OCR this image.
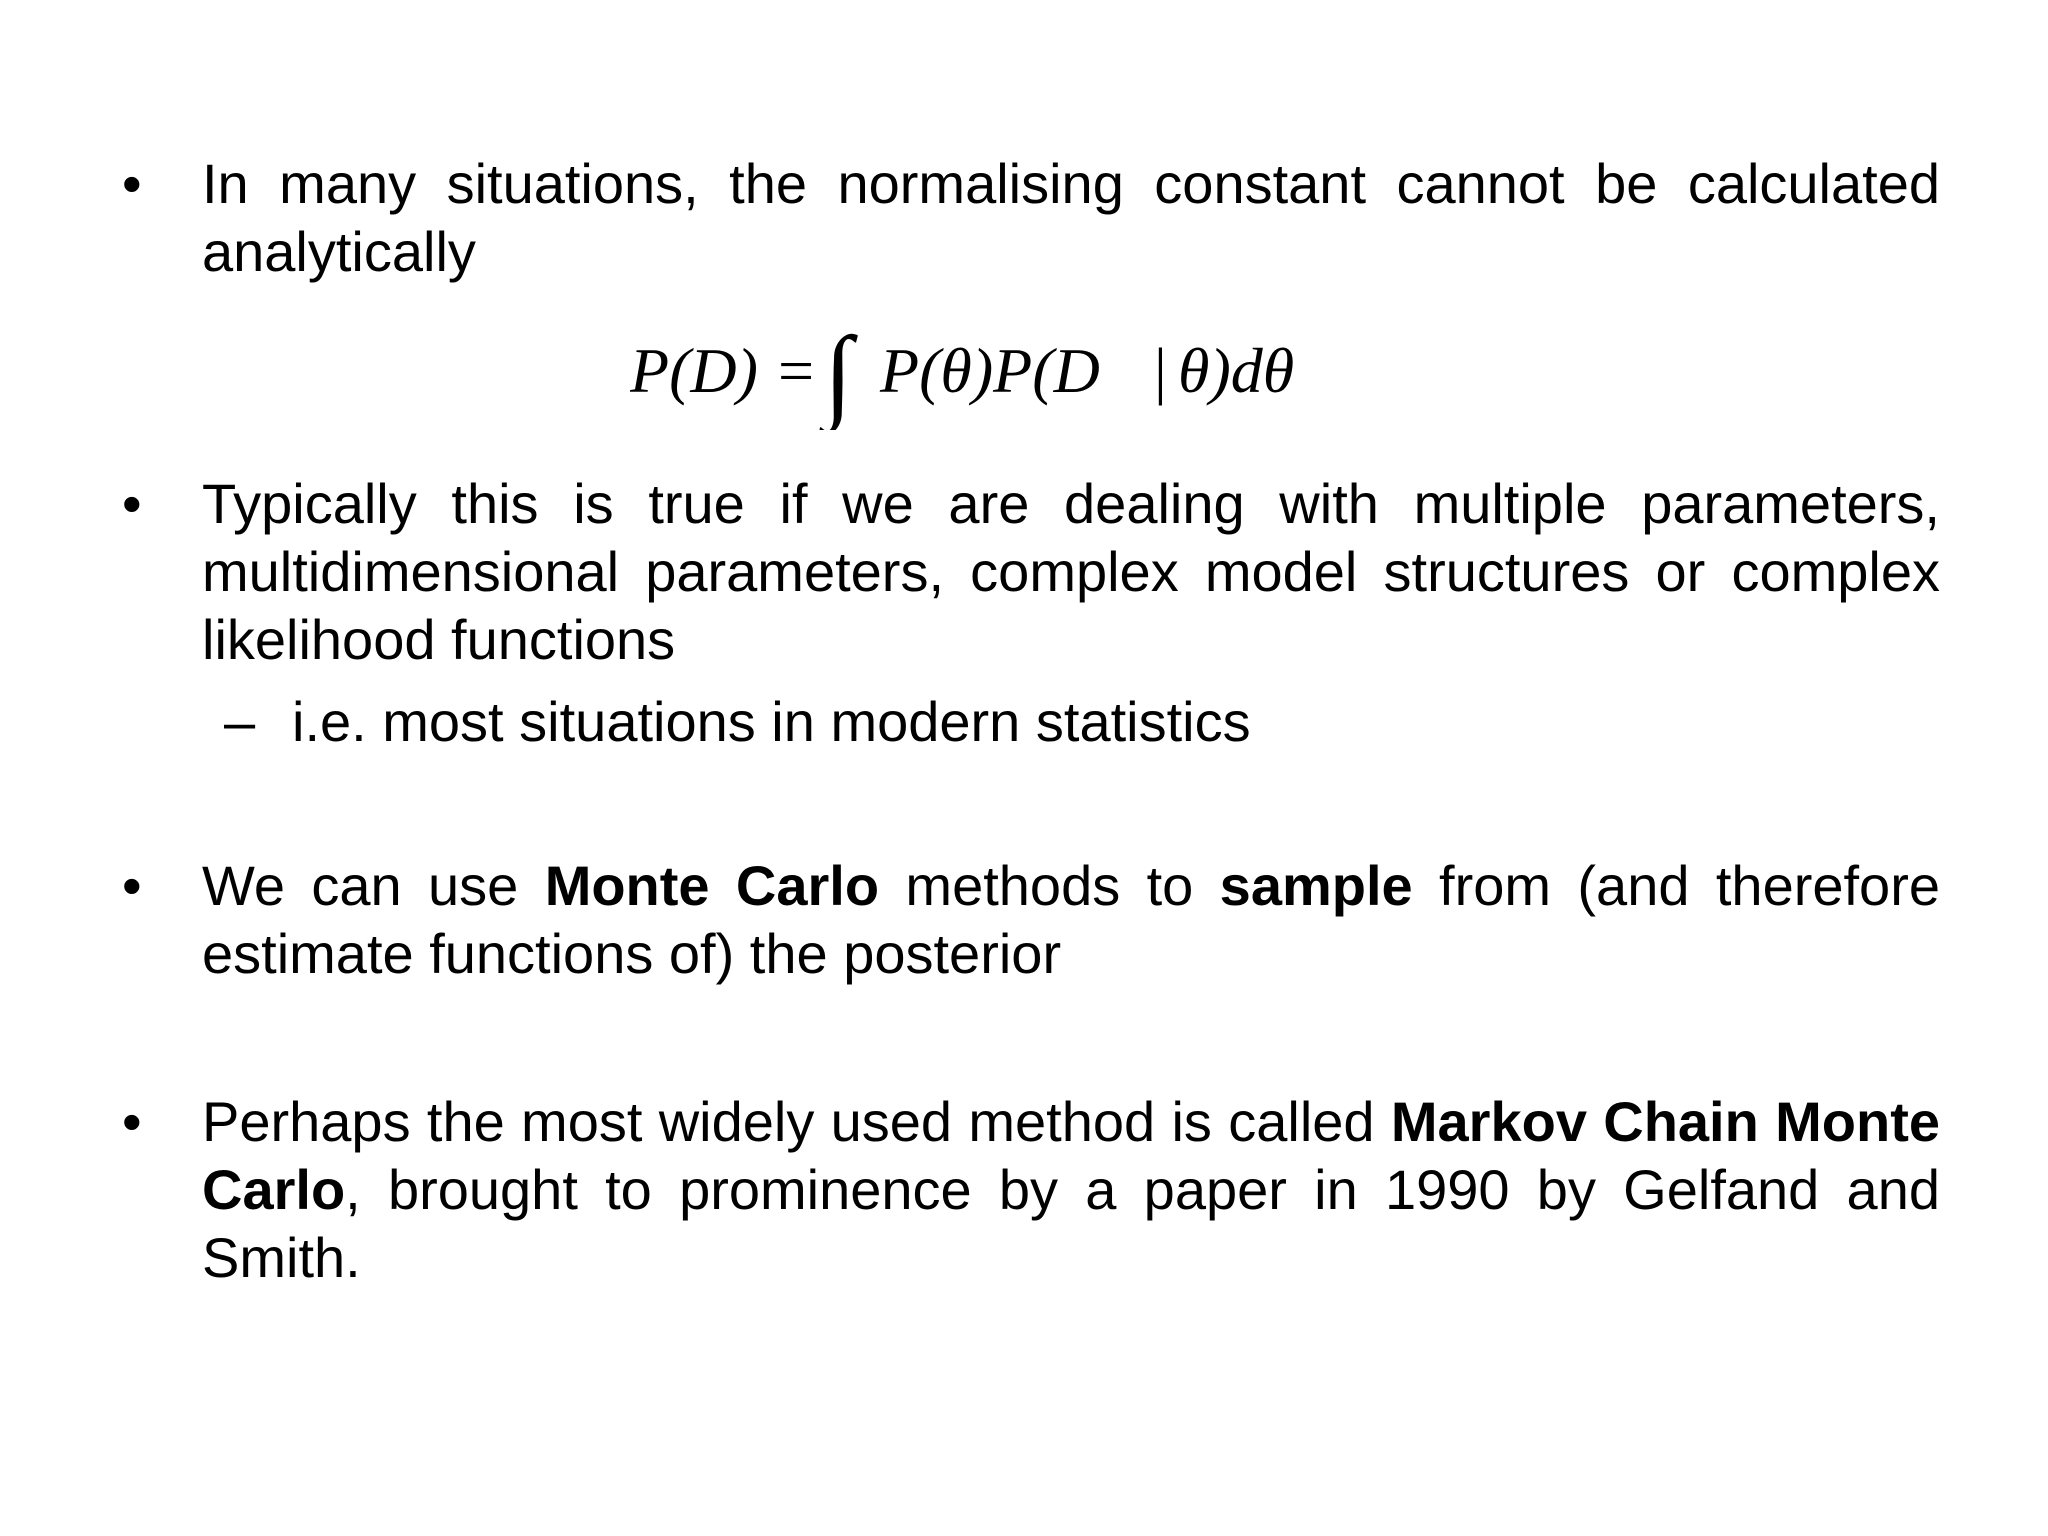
• In many situations, the normalising constant cannot be calculated analytically
P(D) = ∫ P(θ)P(D | θ)dθ
• Typically this is true if we are dealing with multiple parameters, multidimensional parameters, complex model structures or complex likelihood functions
– i.e. most situations in modern statistics
• We can use Monte Carlo methods to sample from (and therefore estimate functions of) the posterior
• Perhaps the most widely used method is called Markov Chain Monte Carlo, brought to prominence by a paper in 1990 by Gelfand and Smith.
